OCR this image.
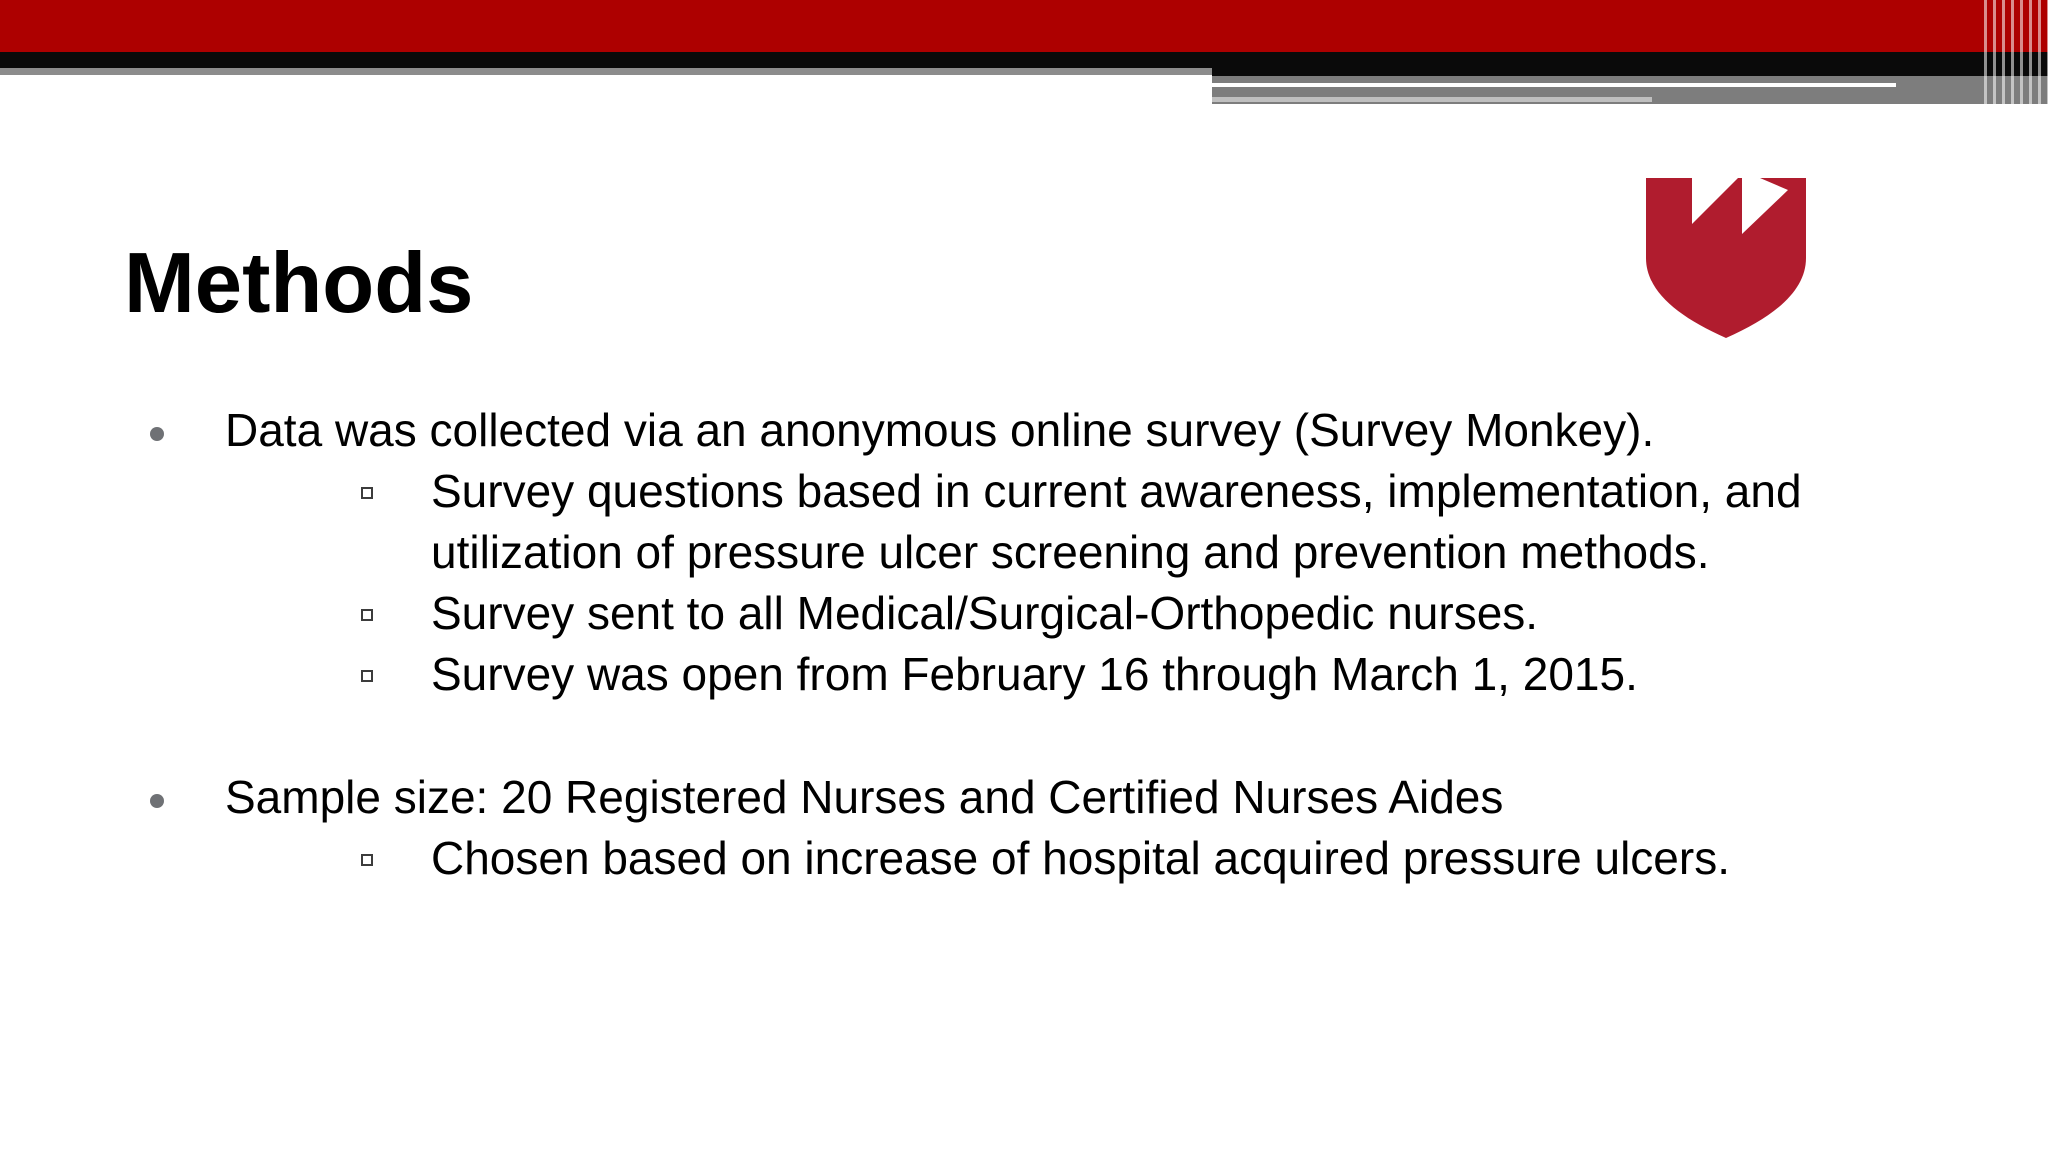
Methods
Data was collected via an anonymous online survey (Survey Monkey).
Survey questions based in current awareness, implementation, and utilization of pressure ulcer screening and prevention methods.
Survey sent to all Medical/Surgical-Orthopedic nurses.
Survey was open from February 16 through March 1, 2015.
Sample size: 20 Registered Nurses and Certified Nurses Aides
Chosen based on increase of hospital acquired pressure ulcers.
